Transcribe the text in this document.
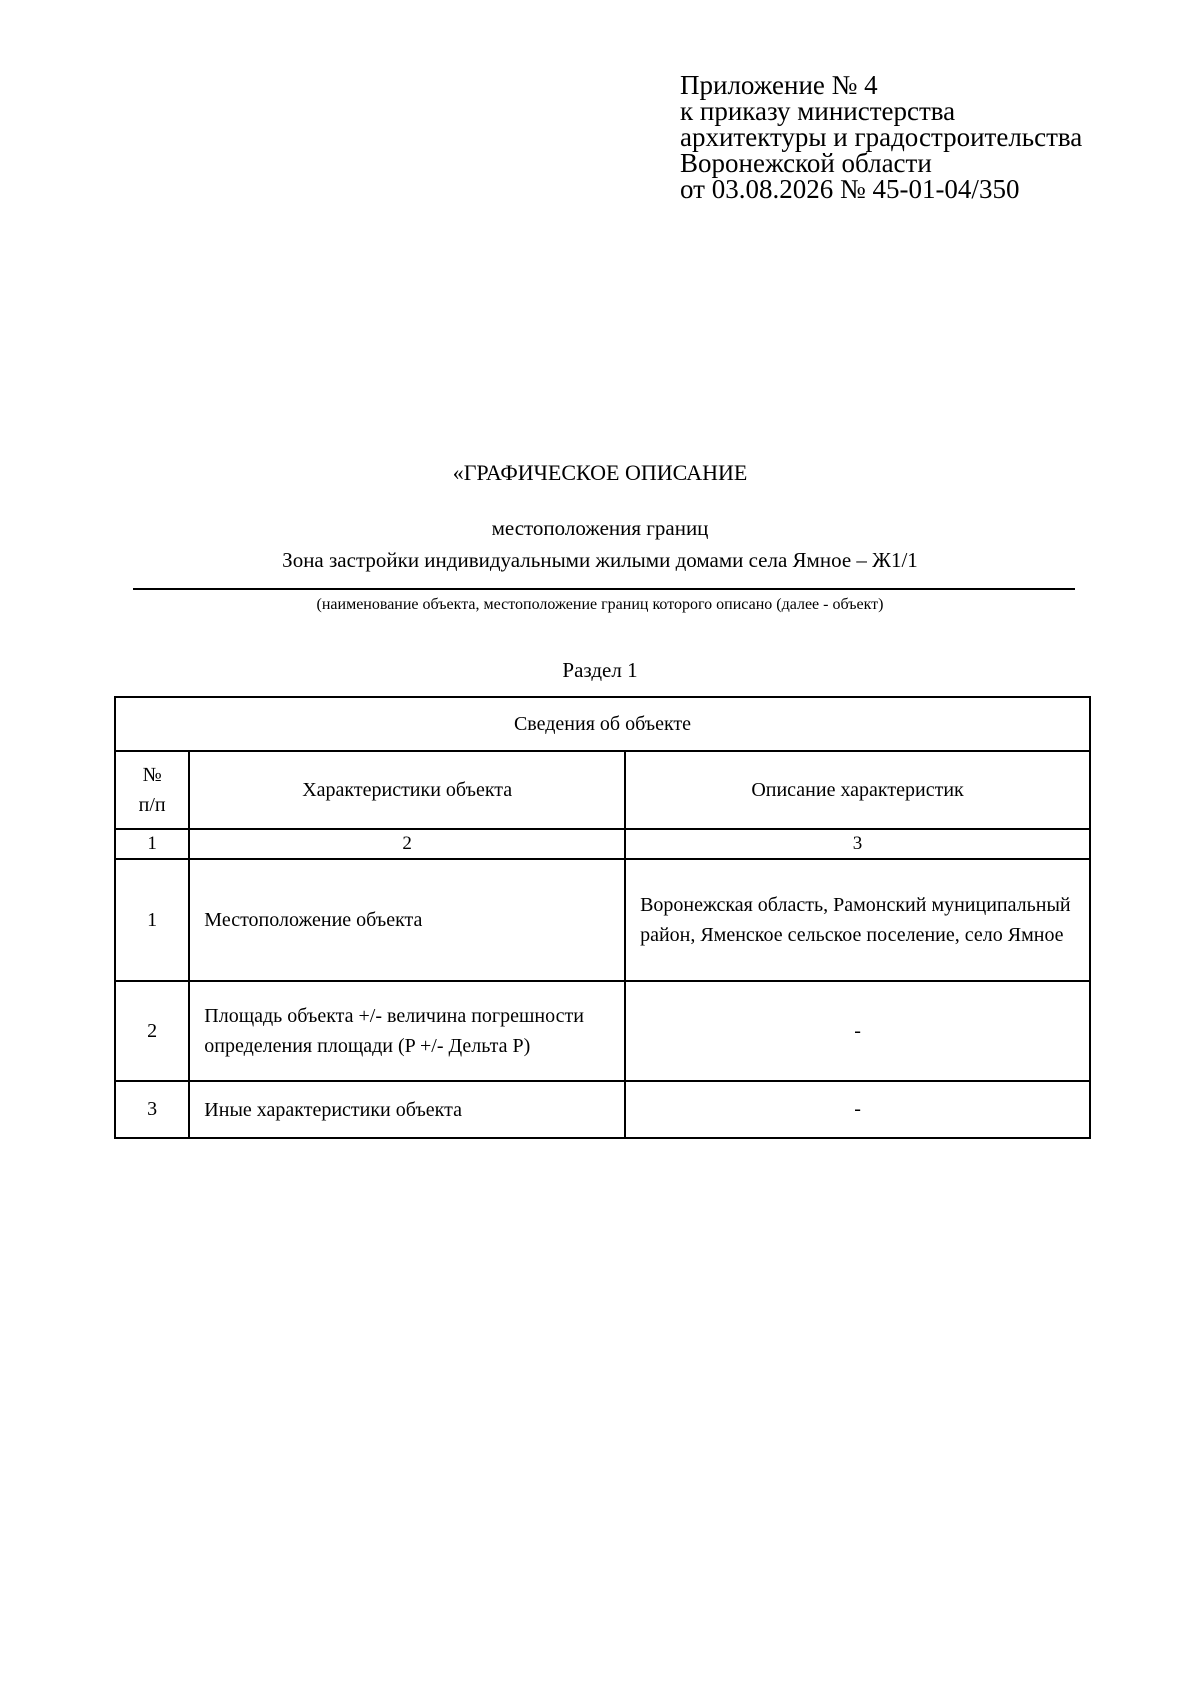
Приложение № 4
к приказу министерства
архитектуры и градостроительства
Воронежской области
от 03.08.2026 № 45-01-04/350
«ГРАФИЧЕСКОЕ ОПИСАНИЕ
местоположения границ
Зона застройки индивидуальными жилыми домами села Ямное – Ж1/1
(наименование объекта, местоположение границ которого описано (далее - объект)
Раздел 1
Сведения об объекте		

№
п/п	Характеристики объекта	Описание характеристик
1	2	3
1	Местоположение объекта	Воронежская область, Рамонский муниципальный район, Яменское сельское поселение, село Ямное
2	Площадь объекта +/- величина погрешности определения площади (P +/- Дельта P)	-
3	Иные характеристики объекта	-
